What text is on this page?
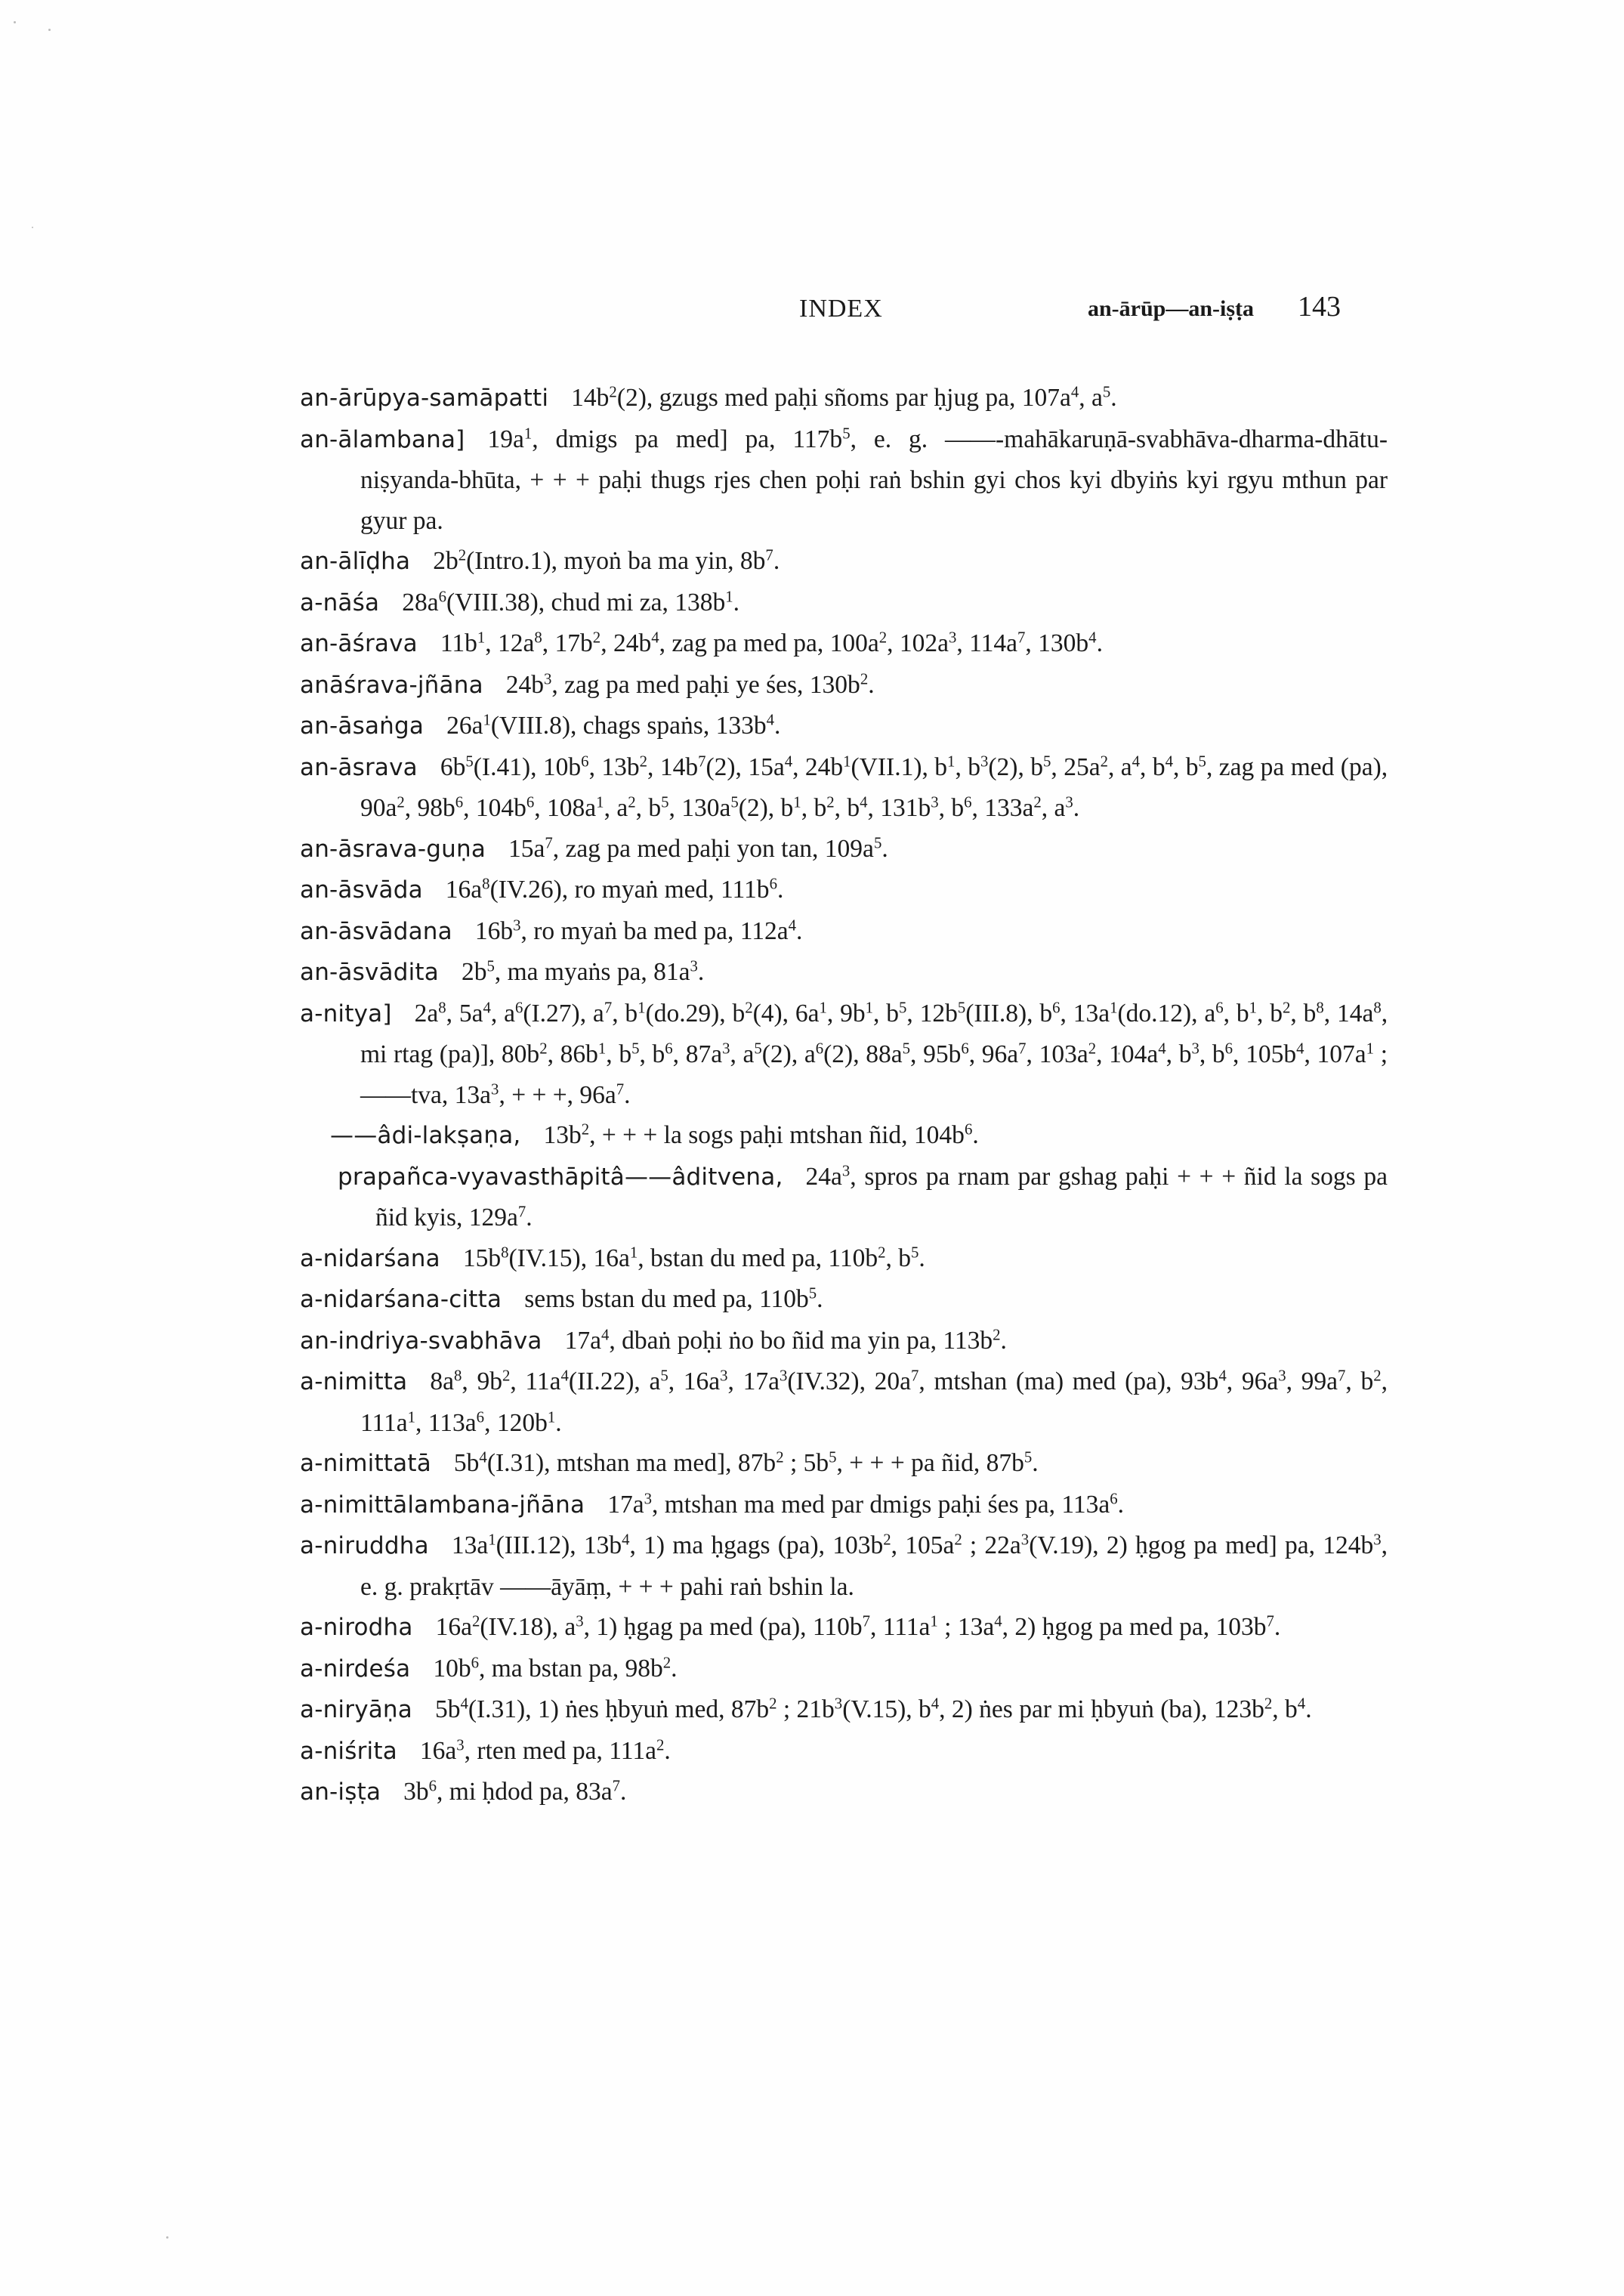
INDEX	an-ārūp—an-iṣṭa 143
an-ārūpya-samāpatti $14b^2(2)$, gzugs med paḥi sñoms par ḥjug pa, $107a^4$, $a^5$.
an-ālambana] $19a^1$, dmigs pa med] pa, $117b^5$, e. g. ——-mahākaruṇā-svabhāva-dharma-dhātu-niṣyanda-bhūta, + + + paḥi thugs rjes chen poḥi raṅ bshin gyi chos kyi dbyiṅs kyi rgyu mthun par gyur pa.
an-ālīḍha $2b^2(Intro.1)$, myoṅ ba ma yin, $8b^7$.
a-nāśa $28a^6(VIII.38)$, chud mi za, $138b^1$.
an-āśrava $11b^1$, $12a^8$, $17b^2$, $24b^4$, zag pa med pa, $100a^2$, $102a^3$, $114a^7$, $130b^4$.
anāśrava-jñāna $24b^3$, zag pa med paḥi ye śes, $130b^2$.
an-āsaṅga $26a^1(VIII.8)$, chags spaṅs, $133b^4$.
an-āsrava $6b^5(I.41)$, $10b^6$, $13b^2$, $14b^7(2)$, $15a^4$, $24b^1(VII.1)$, $b^1$, $b^3(2)$, $b^5$, $25a^2$, $a^4$, $b^4$, $b^5$, zag pa med (pa), $90a^2$, $98b^6$, $104b^6$, $108a^1$, $a^2$, $b^5$, $130a^5(2)$, $b^1$, $b^2$, $b^4$, $131b^3$, $b^6$, $133a^2$, $a^3$.
an-āsrava-guṇa $15a^7$, zag pa med paḥi yon tan, $109a^5$.
an-āsvāda $16a^8(IV.26)$, ro myaṅ med, $111b^6$.
an-āsvādana $16b^3$, ro myaṅ ba med pa, $112a^4$.
an-āsvādita $2b^5$, ma myaṅs pa, $81a^3$.
a-nitya] $2a^8$, $5a^4$, $a^6(I.27)$, $a^7$, $b^1(do.29)$, $b^2(4)$, $6a^1$, $9b^1$, $b^5$, $12b^5(III.8)$, $b^6$, $13a^1(do.12)$, $a^6$, $b^1$, $b^2$, $b^8$, $14a^8$, mi rtag (pa)], $80b^2$, $86b^1$, $b^5$, $b^6$, $87a^3$, $a^5(2)$, $a^6(2)$, $88a^5$, $95b^6$, $96a^7$, $103a^2$, $104a^4$, $b^3$, $b^6$, $105b^4$, $107a^1$ ; ——tva, $13a^3$, + + +, $96a^7$.
——âdi-lakṣaṇa, $13b^2$, + + + la sogs paḥi mtshan ñid, $104b^6$.
prapañca-vyavasthāpitâ——âditvena, $24a^3$, spros pa rnam par gshag paḥi + + + ñid la sogs pa ñid kyis, $129a^7$.
a-nidarśana $15b^8(IV.15)$, $16a^1$, bstan du med pa, $110b^2$, $b^5$.
a-nidarśana-citta sems bstan du med pa, $110b^5$.
an-indriya-svabhāva $17a^4$, dbaṅ poḥi ṅo bo ñid ma yin pa, $113b^2$.
a-nimitta $8a^8$, $9b^2$, $11a^4(II.22)$, $a^5$, $16a^3$, $17a^3(IV.32)$, $20a^7$, mtshan (ma) med (pa), $93b^4$, $96a^3$, $99a^7$, $b^2$, $111a^1$, $113a^6$, $120b^1$.
a-nimittatā $5b^4(I.31)$, mtshan ma med], $87b^2$ ; $5b^5$, + + + pa ñid, $87b^5$.
a-nimittālambana-jñāna $17a^3$, mtshan ma med par dmigs paḥi śes pa, $113a^6$.
a-niruddha $13a^1(III.12)$, $13b^4$, 1) ma ḥgags (pa), $103b^2$, $105a^2$ ; $22a^3(V.19)$, 2) ḥgog pa med] pa, $124b^3$, e. g. prakṛtāv ——āyāṃ, + + + pahi raṅ bshin la.
a-nirodha $16a^2(IV.18)$, $a^3$, 1) ḥgag pa med (pa), $110b^7$, $111a^1$ ; $13a^4$, 2) ḥgog pa med pa, $103b^7$.
a-nirdeśa $10b^6$, ma bstan pa, $98b^2$.
a-niryāṇa $5b^4(I.31)$, 1) ṅes ḥbyuṅ med, $87b^2$ ; $21b^3(V.15)$, $b^4$, 2) ṅes par mi ḥbyuṅ (ba), $123b^2$, $b^4$.
a-niśrita $16a^3$, rten med pa, $111a^2$.
an-iṣṭa $3b^6$, mi ḥdod pa, $83a^7$.
